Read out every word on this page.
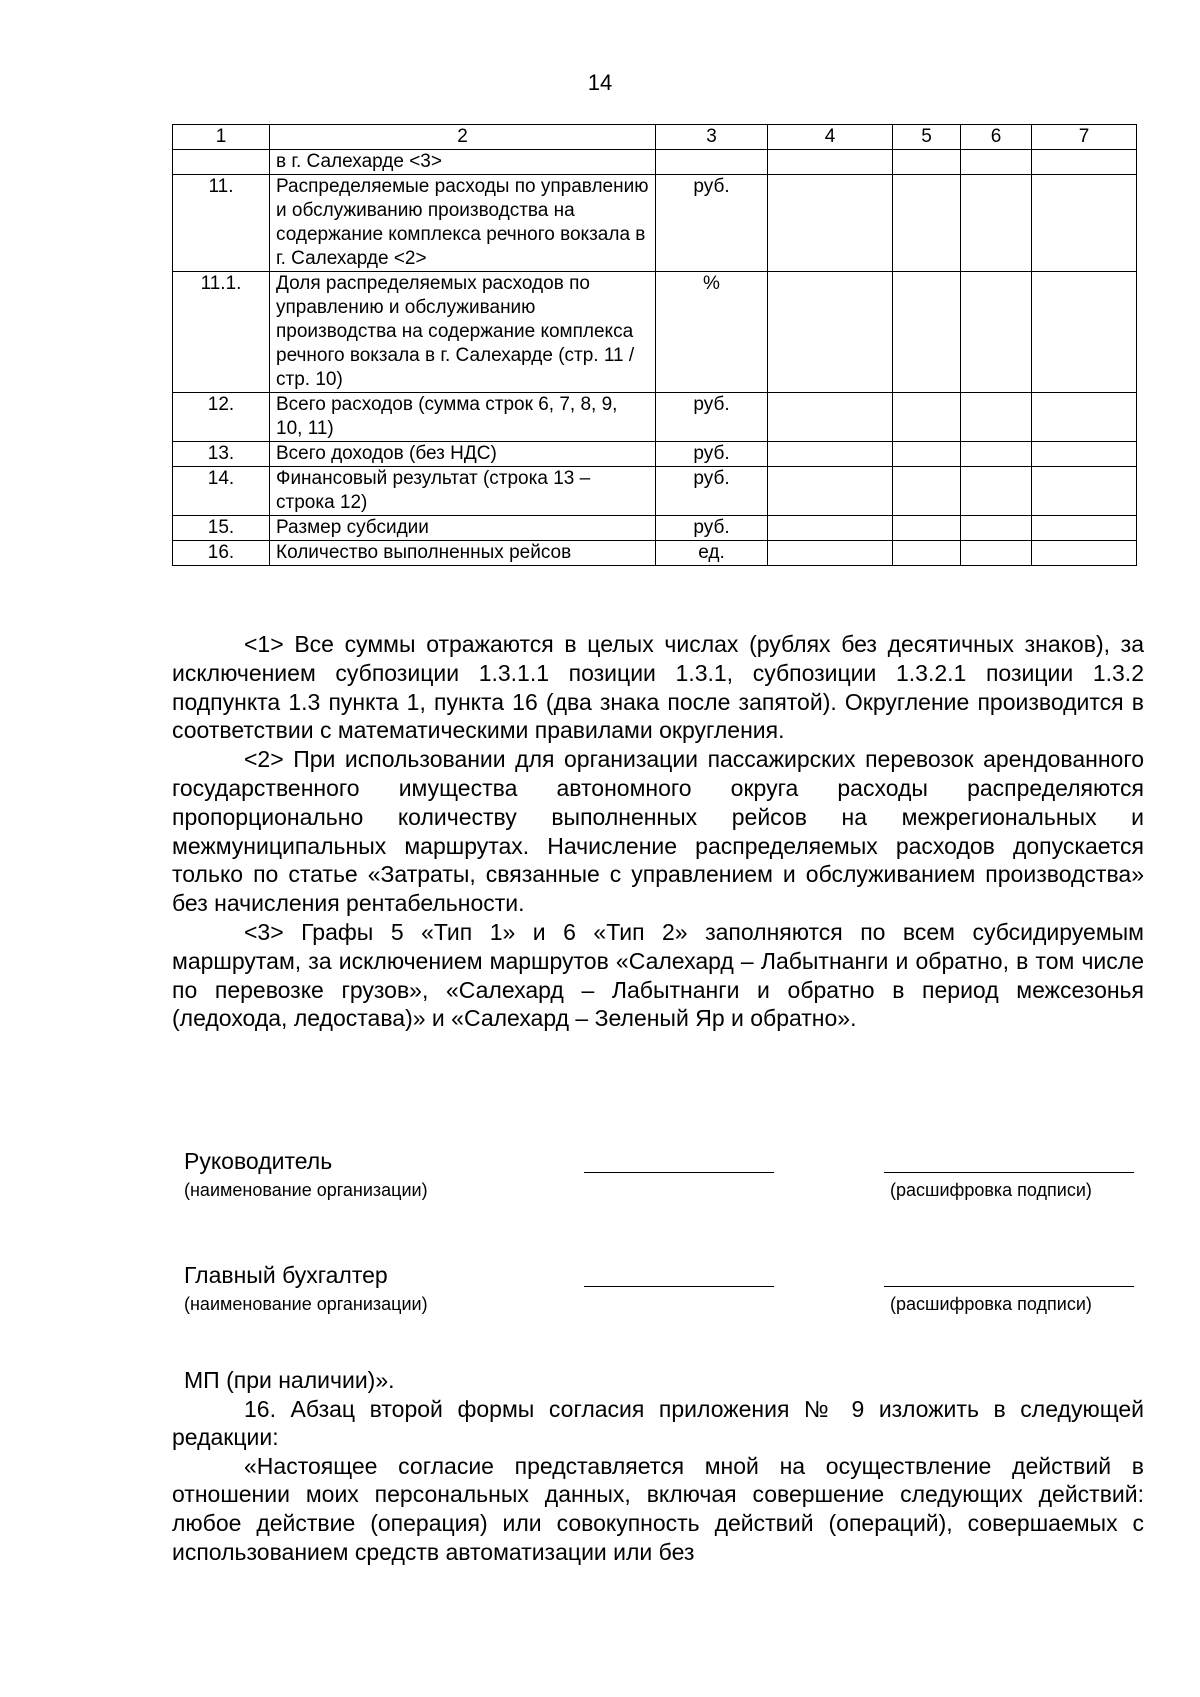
14
1	2	3	4	5	6	7
	в г. Салехарде <3>					
11.	Распределяемые расходы по управлению и обслуживанию производства на содержание комплекса речного вокзала в г. Салехарде <2>	руб.				
11.1.	Доля распределяемых расходов по управлению и обслуживанию производства на содержание комплекса речного вокзала в г. Салехарде (стр. 11 / стр. 10)	%				
12.	Всего расходов (сумма строк 6, 7, 8, 9, 10, 11)	руб.				
13.	Всего доходов (без НДС)	руб.				
14.	Финансовый результат (строка 13 – строка 12)	руб.				
15.	Размер субсидии	руб.				
16.	Количество выполненных рейсов	ед.				

<1> Все суммы отражаются в целых числах (рублях без десятичных знаков), за исключением субпозиции 1.3.1.1 позиции 1.3.1, субпозиции 1.3.2.1 позиции 1.3.2 подпункта 1.3 пункта 1, пункта 16 (два знака после запятой). Округление производится в соответствии с математическими правилами округления.

<2> При использовании для организации пассажирских перевозок арендованного государственного имущества автономного округа расходы распределяются пропорционально количеству выполненных рейсов на межрегиональных и межмуниципальных маршрутах. Начисление распределяемых расходов допускается только по статье «Затраты, связанные с управлением и обслуживанием производства» без начисления рентабельности.

<3> Графы 5 «Тип 1» и 6 «Тип 2» заполняются по всем субсидируемым маршрутам, за исключением маршрутов «Салехард – Лабытнанги и обратно, в том числе по перевозке грузов», «Салехард – Лабытнанги и обратно в период межсезонья (ледохода, ледостава)» и «Салехард – Зеленый Яр и обратно».

Руководитель
(наименование организации)	(расшифровка подписи)
Главный бухгалтер
(наименование организации)	(расшифровка подписи)

МП (при наличии)».

16. Абзац второй формы согласия приложения № 9 изложить в следующей редакции:

«Настоящее согласие представляется мной на осуществление действий в отношении моих персональных данных, включая совершение следующих действий: любое действие (операция) или совокупность действий (операций), совершаемых с использованием средств автоматизации или без
